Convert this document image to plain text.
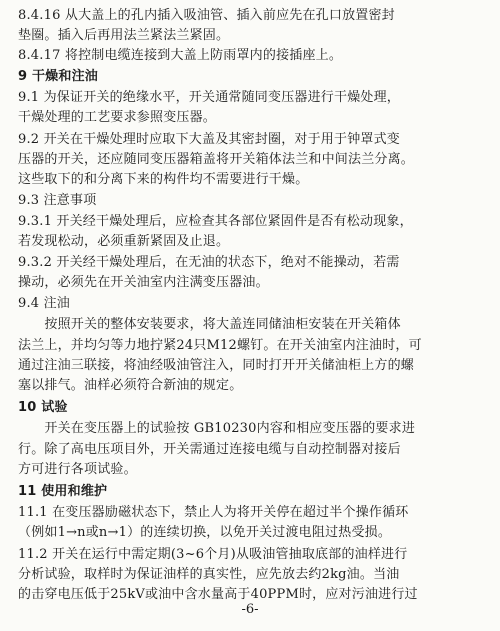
8.4.16 从大盖上的孔内插入吸油管、插入前应先在孔口放置密封
垫圈。插入后再用法兰紧法兰紧固。
8.4.17 将控制电缆连接到大盖上防雨罩内的接插座上。
9 干燥和注油
9.1 为保证开关的绝缘水平，开关通常随同变压器进行干燥处理，
干燥处理的工艺要求参照变压器。
9.2 开关在干燥处理时应取下大盖及其密封圈，对于用于钟罩式变
压器的开关，还应随同变压器箱盖将开关箱体法兰和中间法兰分离。
这些取下的和分离下来的构件均不需要进行干燥。
9.3 注意事项
9.3.1 开关经干燥处理后，应检查其各部位紧固件是否有松动现象，
若发现松动，必须重新紧固及止退。
9.3.2 开关经干燥处理后，在无油的状态下，绝对不能操动，若需
操动，必须先在开关油室内注满变压器油。
9.4 注油
　　按照开关的整体安装要求，将大盖连同储油柜安装在开关箱体
法兰上，并均匀等力地拧紧24只M12螺钉。在开关油室内注油时，可
通过注油三联接，将油经吸油管注入，同时打开开关储油柜上方的螺
塞以排气。油样必须符合新油的规定。
10 试验
　　开关在变压器上的试验按 GB10230内容和相应变压器的要求进
行。除了高电压项目外，开关需通过连接电缆与自动控制器对接后
方可进行各项试验。
11 使用和维护
11.1 在变压器励磁状态下，禁止人为将开关停在超过半个操作循环
（例如1→n或n→1）的连续切换，以免开关过渡电阻过热受损。
11.2 开关在运行中需定期(3~6个月)从吸油管抽取底部的油样进行
分析试验，取样时为保证油样的真实性，应先放去约2kg油。当油
的击穿电压低于25kV或油中含水量高于40PPM时，应对污油进行过
-6-
